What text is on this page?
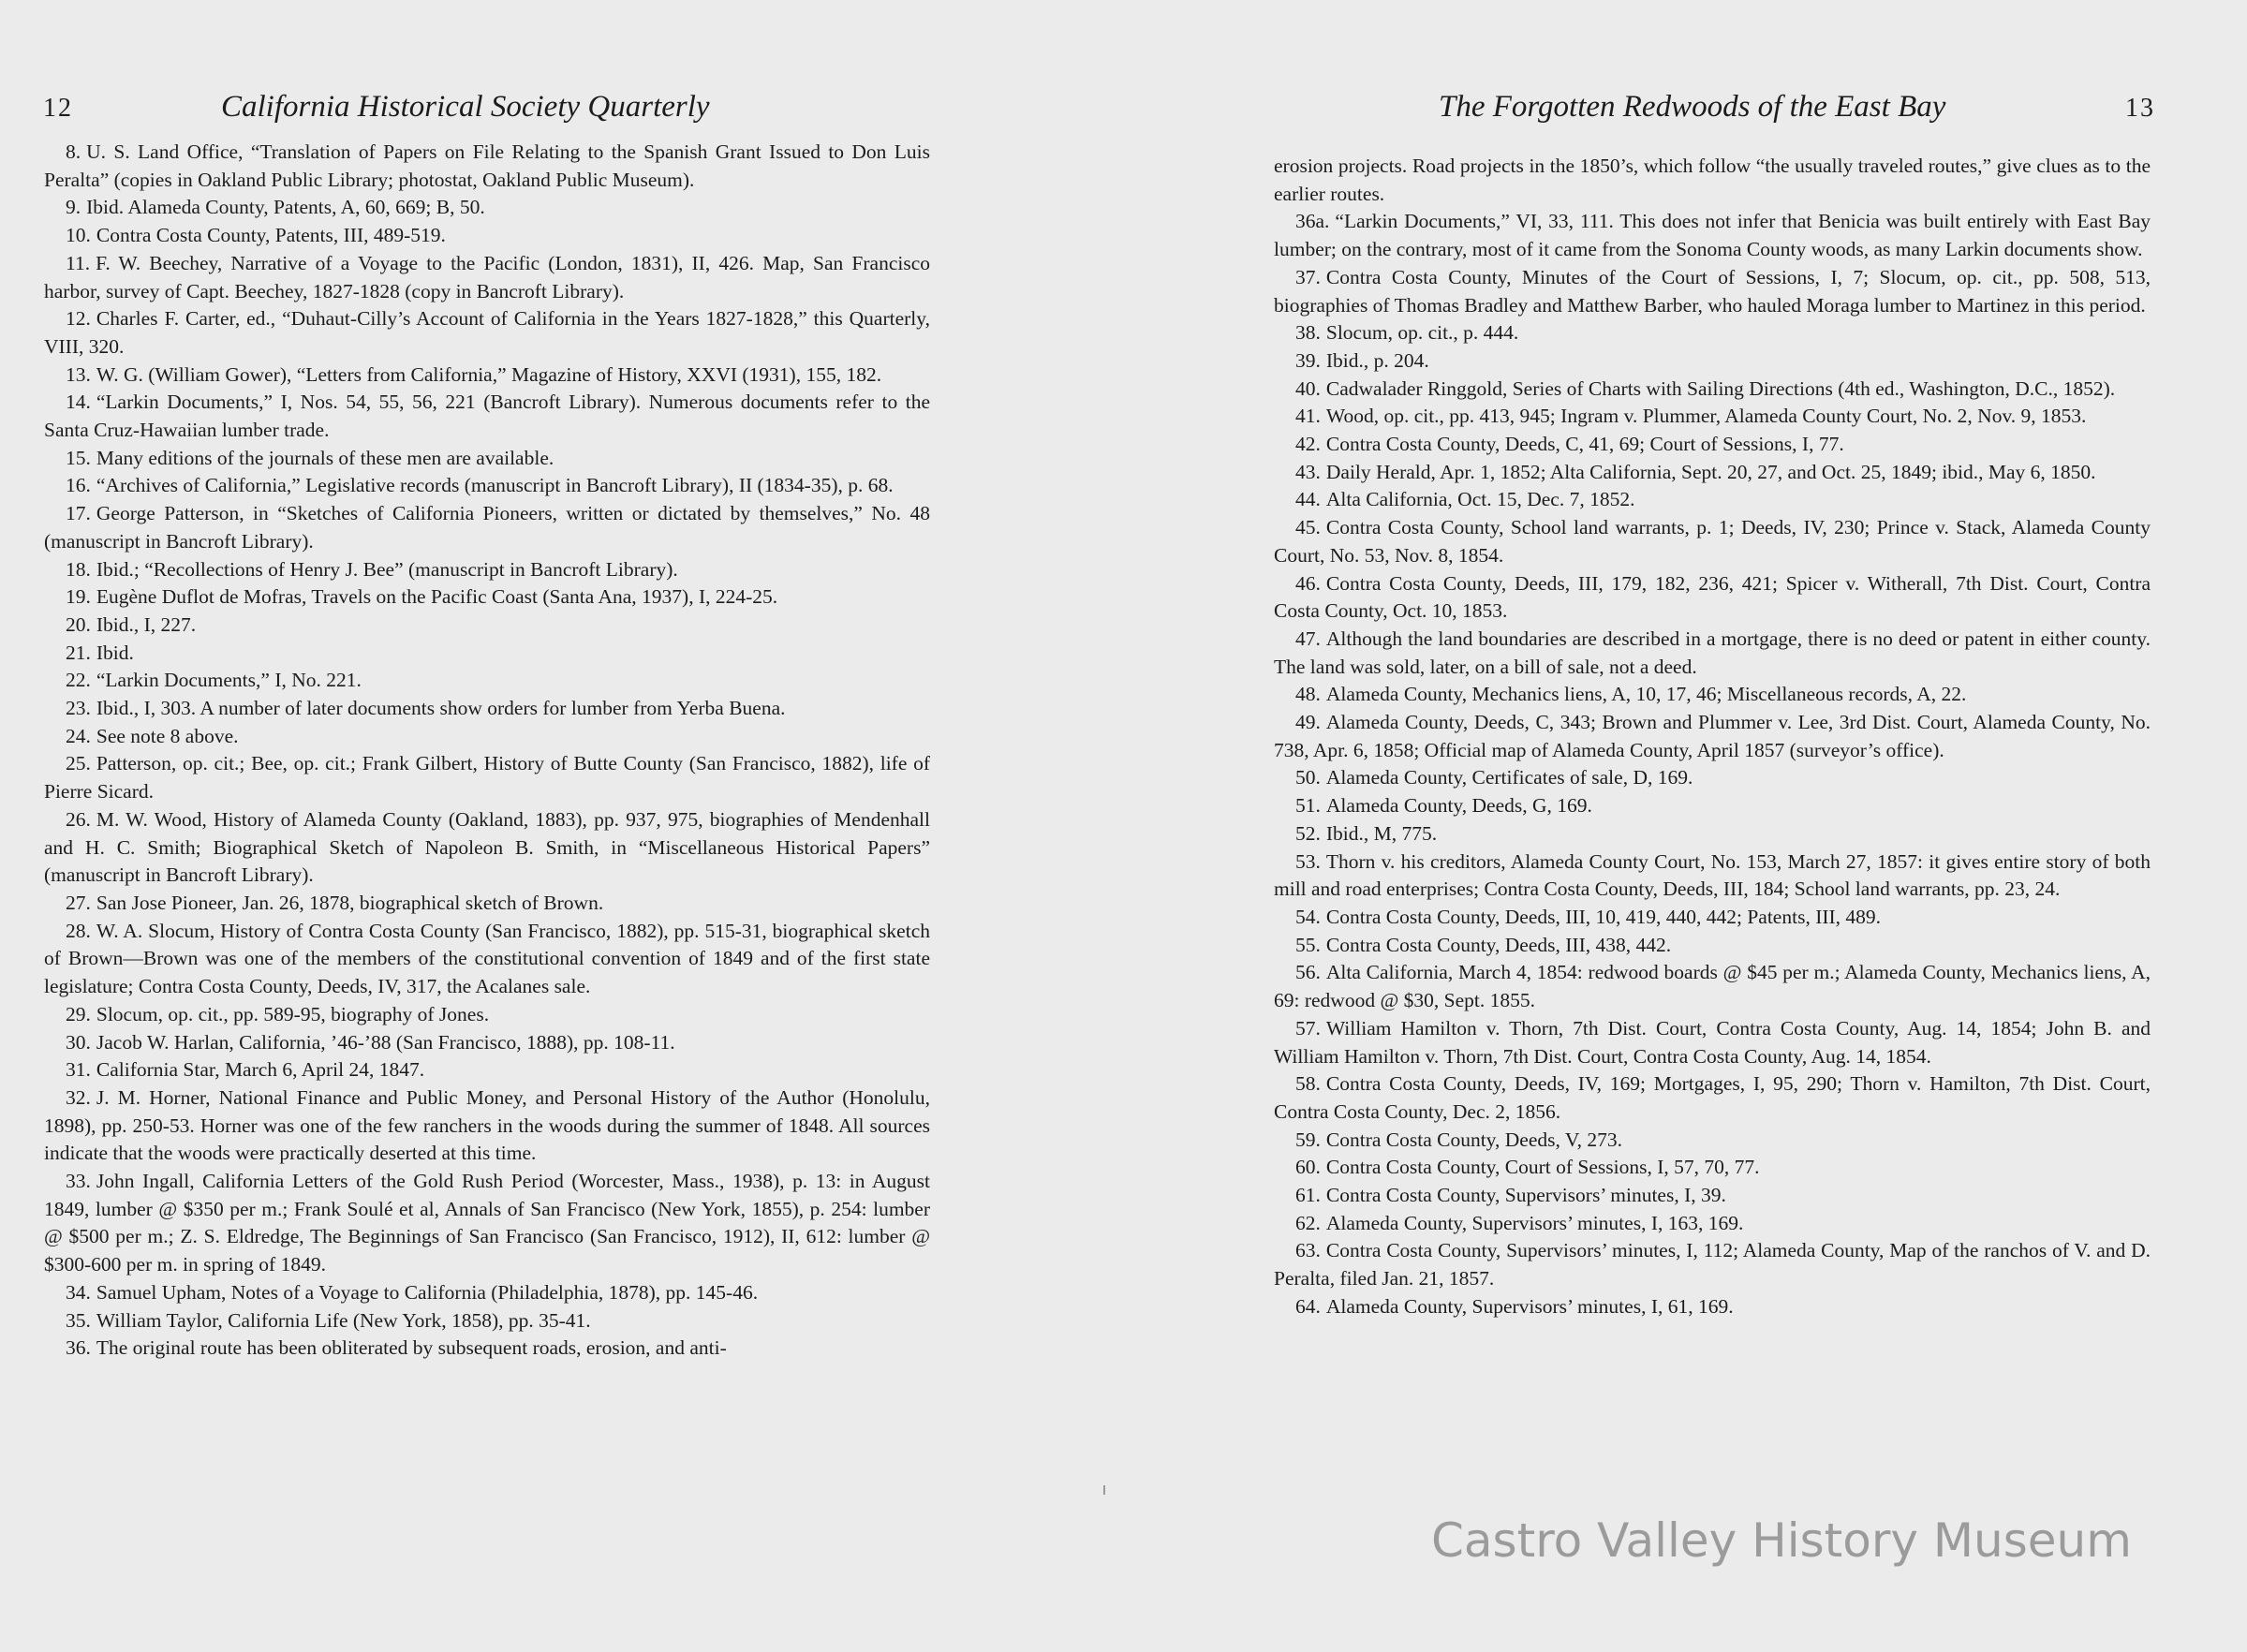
12	California Historical Society Quarterly
8. U. S. Land Office, “Translation of Papers on File Relating to the Spanish Grant Issued to Don Luis Peralta” (copies in Oakland Public Library; photostat, Oakland Public Museum).
9. Ibid. Alameda County, Patents, A, 60, 669; B, 50.
10. Contra Costa County, Patents, III, 489-519.
11. F. W. Beechey, Narrative of a Voyage to the Pacific (London, 1831), II, 426. Map, San Francisco harbor, survey of Capt. Beechey, 1827-1828 (copy in Bancroft Library).
12. Charles F. Carter, ed., “Duhaut-Cilly’s Account of California in the Years 1827-1828,” this Quarterly, VIII, 320.
13. W. G. (William Gower), “Letters from California,” Magazine of History, XXVI (1931), 155, 182.
14. “Larkin Documents,” I, Nos. 54, 55, 56, 221 (Bancroft Library). Numerous documents refer to the Santa Cruz-Hawaiian lumber trade.
15. Many editions of the journals of these men are available.
16. “Archives of California,” Legislative records (manuscript in Bancroft Library), II (1834-35), p. 68.
17. George Patterson, in “Sketches of California Pioneers, written or dictated by themselves,” No. 48 (manuscript in Bancroft Library).
18. Ibid.; “Recollections of Henry J. Bee” (manuscript in Bancroft Library).
19. Eugène Duflot de Mofras, Travels on the Pacific Coast (Santa Ana, 1937), I, 224-25.
20. Ibid., I, 227.
21. Ibid.
22. “Larkin Documents,” I, No. 221.
23. Ibid., I, 303. A number of later documents show orders for lumber from Yerba Buena.
24. See note 8 above.
25. Patterson, op. cit.; Bee, op. cit.; Frank Gilbert, History of Butte County (San Francisco, 1882), life of Pierre Sicard.
26. M. W. Wood, History of Alameda County (Oakland, 1883), pp. 937, 975, biographies of Mendenhall and H. C. Smith; Biographical Sketch of Napoleon B. Smith, in “Miscellaneous Historical Papers” (manuscript in Bancroft Library).
27. San Jose Pioneer, Jan. 26, 1878, biographical sketch of Brown.
28. W. A. Slocum, History of Contra Costa County (San Francisco, 1882), pp. 515-31, biographical sketch of Brown—Brown was one of the members of the constitutional convention of 1849 and of the first state legislature; Contra Costa County, Deeds, IV, 317, the Acalanes sale.
29. Slocum, op. cit., pp. 589-95, biography of Jones.
30. Jacob W. Harlan, California, ’46-’88 (San Francisco, 1888), pp. 108-11.
31. California Star, March 6, April 24, 1847.
32. J. M. Horner, National Finance and Public Money, and Personal History of the Author (Honolulu, 1898), pp. 250-53. Horner was one of the few ranchers in the woods during the summer of 1848. All sources indicate that the woods were practically deserted at this time.
33. John Ingall, California Letters of the Gold Rush Period (Worcester, Mass., 1938), p. 13: in August 1849, lumber @ $350 per m.; Frank Soulé et al, Annals of San Francisco (New York, 1855), p. 254: lumber @ $500 per m.; Z. S. Eldredge, The Beginnings of San Francisco (San Francisco, 1912), II, 612: lumber @ $300-600 per m. in spring of 1849.
34. Samuel Upham, Notes of a Voyage to California (Philadelphia, 1878), pp. 145-46.
35. William Taylor, California Life (New York, 1858), pp. 35-41.
36. The original route has been obliterated by subsequent roads, erosion, and anti-
The Forgotten Redwoods of the East Bay	13
erosion projects. Road projects in the 1850’s, which follow “the usually traveled routes,” give clues as to the earlier routes.
36a. “Larkin Documents,” VI, 33, 111. This does not infer that Benicia was built entirely with East Bay lumber; on the contrary, most of it came from the Sonoma County woods, as many Larkin documents show.
37. Contra Costa County, Minutes of the Court of Sessions, I, 7; Slocum, op. cit., pp. 508, 513, biographies of Thomas Bradley and Matthew Barber, who hauled Moraga lumber to Martinez in this period.
38. Slocum, op. cit., p. 444.
39. Ibid., p. 204.
40. Cadwalader Ringgold, Series of Charts with Sailing Directions (4th ed., Washington, D.C., 1852).
41. Wood, op. cit., pp. 413, 945; Ingram v. Plummer, Alameda County Court, No. 2, Nov. 9, 1853.
42. Contra Costa County, Deeds, C, 41, 69; Court of Sessions, I, 77.
43. Daily Herald, Apr. 1, 1852; Alta California, Sept. 20, 27, and Oct. 25, 1849; ibid., May 6, 1850.
44. Alta California, Oct. 15, Dec. 7, 1852.
45. Contra Costa County, School land warrants, p. 1; Deeds, IV, 230; Prince v. Stack, Alameda County Court, No. 53, Nov. 8, 1854.
46. Contra Costa County, Deeds, III, 179, 182, 236, 421; Spicer v. Witherall, 7th Dist. Court, Contra Costa County, Oct. 10, 1853.
47. Although the land boundaries are described in a mortgage, there is no deed or patent in either county. The land was sold, later, on a bill of sale, not a deed.
48. Alameda County, Mechanics liens, A, 10, 17, 46; Miscellaneous records, A, 22.
49. Alameda County, Deeds, C, 343; Brown and Plummer v. Lee, 3rd Dist. Court, Alameda County, No. 738, Apr. 6, 1858; Official map of Alameda County, April 1857 (surveyor’s office).
50. Alameda County, Certificates of sale, D, 169.
51. Alameda County, Deeds, G, 169.
52. Ibid., M, 775.
53. Thorn v. his creditors, Alameda County Court, No. 153, March 27, 1857: it gives entire story of both mill and road enterprises; Contra Costa County, Deeds, III, 184; School land warrants, pp. 23, 24.
54. Contra Costa County, Deeds, III, 10, 419, 440, 442; Patents, III, 489.
55. Contra Costa County, Deeds, III, 438, 442.
56. Alta California, March 4, 1854: redwood boards @ $45 per m.; Alameda County, Mechanics liens, A, 69: redwood @ $30, Sept. 1855.
57. William Hamilton v. Thorn, 7th Dist. Court, Contra Costa County, Aug. 14, 1854; John B. and William Hamilton v. Thorn, 7th Dist. Court, Contra Costa County, Aug. 14, 1854.
58. Contra Costa County, Deeds, IV, 169; Mortgages, I, 95, 290; Thorn v. Hamilton, 7th Dist. Court, Contra Costa County, Dec. 2, 1856.
59. Contra Costa County, Deeds, V, 273.
60. Contra Costa County, Court of Sessions, I, 57, 70, 77.
61. Contra Costa County, Supervisors’ minutes, I, 39.
62. Alameda County, Supervisors’ minutes, I, 163, 169.
63. Contra Costa County, Supervisors’ minutes, I, 112; Alameda County, Map of the ranchos of V. and D. Peralta, filed Jan. 21, 1857.
64. Alameda County, Supervisors’ minutes, I, 61, 169.
Castro Valley History Museum
